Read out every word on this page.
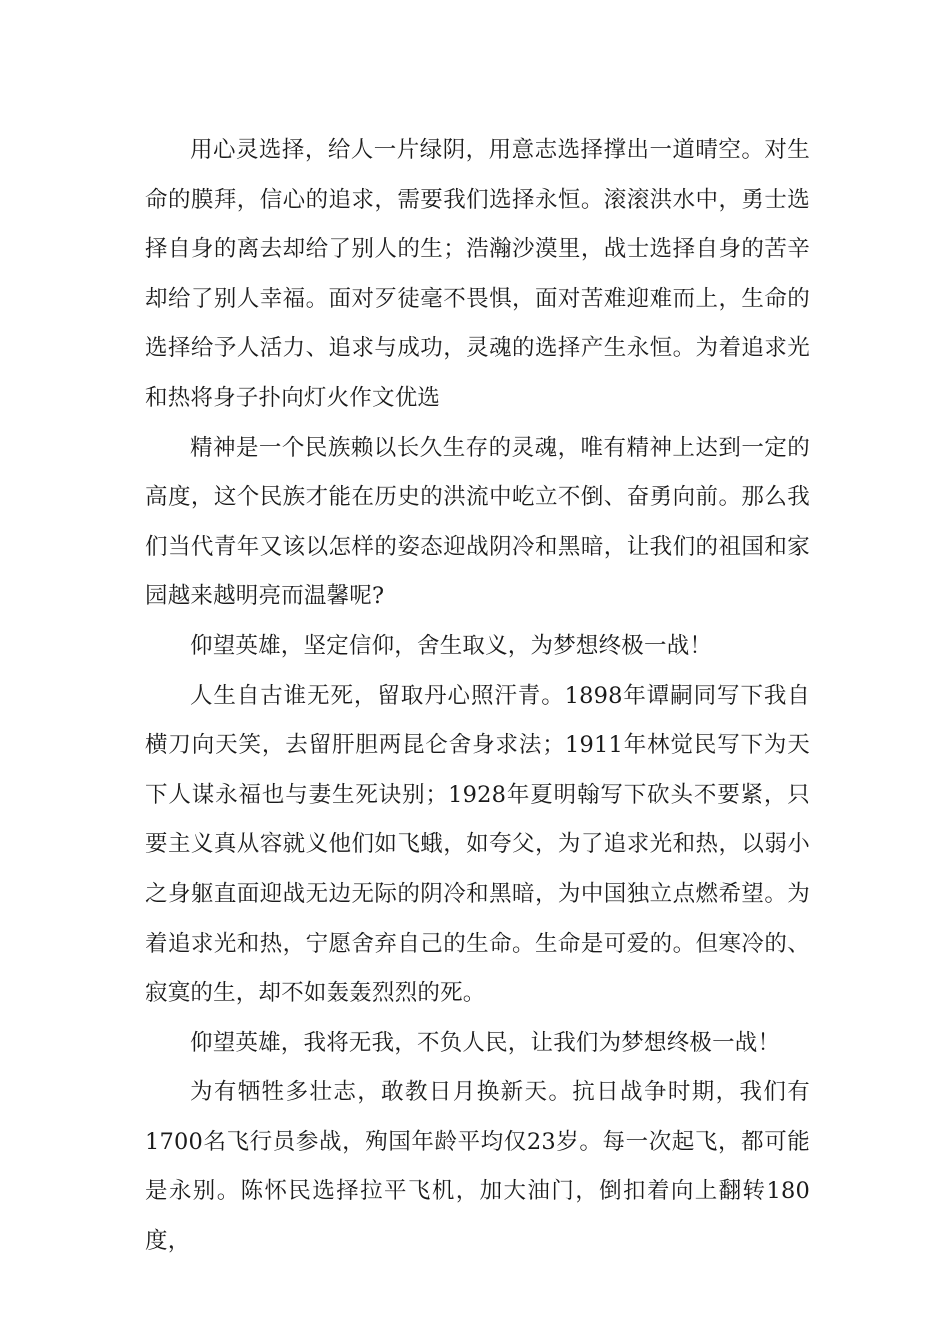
用心灵选择，给人一片绿阴，用意志选择撑出一道晴空。对生命的膜拜，信心的追求，需要我们选择永恒。滚滚洪水中，勇士选择自身的离去却给了别人的生；浩瀚沙漠里，战士选择自身的苦辛却给了别人幸福。面对歹徒毫不畏惧，面对苦难迎难而上，生命的选择给予人活力、追求与成功，灵魂的选择产生永恒。为着追求光和热将身子扑向灯火作文优选

精神是一个民族赖以长久生存的灵魂，唯有精神上达到一定的高度，这个民族才能在历史的洪流中屹立不倒、奋勇向前。那么我们当代青年又该以怎样的姿态迎战阴冷和黑暗，让我们的祖国和家园越来越明亮而温馨呢?

仰望英雄，坚定信仰，舍生取义，为梦想终极一战！

人生自古谁无死，留取丹心照汗青。1898年谭嗣同写下我自横刀向天笑，去留肝胆两昆仑舍身求法；1911年林觉民写下为天下人谋永福也与妻生死诀别；1928年夏明翰写下砍头不要紧，只要主义真从容就义他们如飞蛾，如夸父，为了追求光和热，以弱小之身躯直面迎战无边无际的阴冷和黑暗，为中国独立点燃希望。为着追求光和热，宁愿舍弃自己的生命。生命是可爱的。但寒冷的、寂寞的生，却不如轰轰烈烈的死。

仰望英雄，我将无我，不负人民，让我们为梦想终极一战！

为有牺牲多壮志，敢教日月换新天。抗日战争时期，我们有1700名飞行员参战，殉国年龄平均仅23岁。每一次起飞，都可能是永别。陈怀民选择拉平飞机，加大油门，倒扣着向上翻转180度，
